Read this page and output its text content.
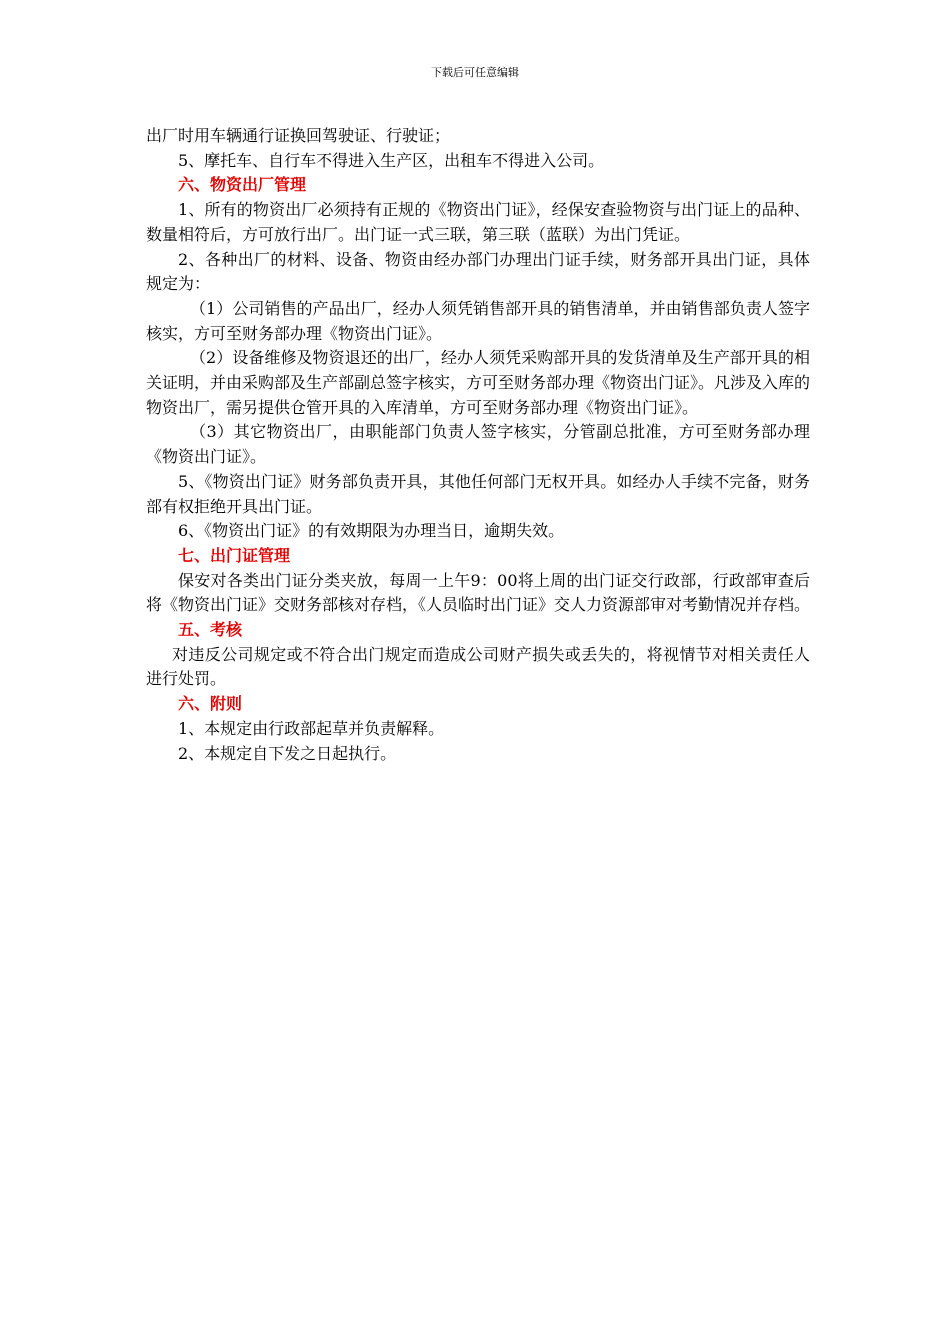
下载后可任意编辑

出厂时用车辆通行证换回驾驶证、行驶证；

5、摩托车、自行车不得进入生产区，出租车不得进入公司。

六、物资出厂管理

1、所有的物资出厂必须持有正规的《物资出门证》，经保安查验物资与出门证上的品种、数量相符后，方可放行出厂。出门证一式三联，第三联（蓝联）为出门凭证。

2、各种出厂的材料、设备、物资由经办部门办理出门证手续，财务部开具出门证，具体规定为：

（1）公司销售的产品出厂，经办人须凭销售部开具的销售清单，并由销售部负责人签字核实，方可至财务部办理《物资出门证》。

（2）设备维修及物资退还的出厂，经办人须凭采购部开具的发货清单及生产部开具的相关证明，并由采购部及生产部副总签字核实，方可至财务部办理《物资出门证》。凡涉及入库的物资出厂，需另提供仓管开具的入库清单，方可至财务部办理《物资出门证》。

（3）其它物资出厂，由职能部门负责人签字核实，分管副总批准，方可至财务部办理《物资出门证》。

5、《物资出门证》财务部负责开具，其他任何部门无权开具。如经办人手续不完备，财务部有权拒绝开具出门证。

6、《物资出门证》的有效期限为办理当日，逾期失效。

七、出门证管理

保安对各类出门证分类夹放，每周一上午9：00将上周的出门证交行政部，行政部审查后将《物资出门证》交财务部核对存档，《人员临时出门证》交人力资源部审对考勤情况并存档。

五、考核

对违反公司规定或不符合出门规定而造成公司财产损失或丢失的，将视情节对相关责任人进行处罚。

六、附则

1、本规定由行政部起草并负责解释。

2、本规定自下发之日起执行。
